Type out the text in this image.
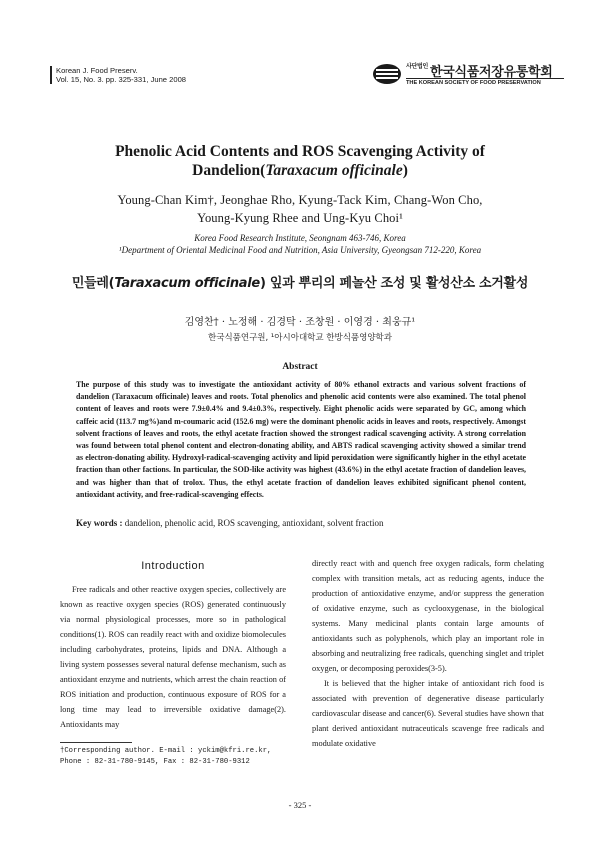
Korean J. Food Preserv.
Vol. 15, No. 3. pp. 325-331, June 2008
$^{사단법인}$ 한국식품저장유통학회
THE KOREAN SOCIETY OF FOOD PRESERVATION
Phenolic Acid Contents and ROS Scavenging Activity of
Dandelion(Taraxacum officinale)
Young-Chan Kim†, Jeonghae Rho, Kyung-Tack Kim, Chang-Won Cho,
Young-Kyung Rhee and Ung-Kyu Choi¹
Korea Food Research Institute, Seongnam 463-746, Korea
¹Department of Oriental Medicinal Food and Nutrition, Asia University, Gyeongsan 712-220, Korea
민들레(Taraxacum officinale) 잎과 뿌리의 페놀산 조성 및 활성산소 소거활성
김영찬† · 노정해 · 김경탁 · 조창원 · 이영경 · 최웅규¹
한국식품연구원, ¹아시아대학교 한방식품영양학과
Abstract
The purpose of this study was to investigate the antioxidant activity of 80% ethanol extracts and various solvent fractions of dandelion (Taraxacum officinale) leaves and roots. Total phenolics and phenolic acid contents were also examined. The total phenol content of leaves and roots were 7.9±0.4% and 9.4±0.3%, respectively. Eight phenolic acids were separated by GC, among which caffeic acid (113.7 mg%)and m-coumaric acid (152.6 mg) were the dominant phenolic acids in leaves and roots, respectively. Amongst solvent fractions of leaves and roots, the ethyl acetate fraction showed the strongest radical scavenging activity. A strong correlation was found between total phenol content and electron-donating ability, and ABTS radical scavenging activity showed a similar trend as electron-donating ability. Hydroxyl-radical-scavenging activity and lipid peroxidation were significantly higher in the ethyl acetate fraction than other factions. In particular, the SOD-like activity was highest (43.6%) in the ethyl acetate fraction of dandelion leaves, and was higher than that of trolox. Thus, the ethyl acetate fraction of dandelion leaves exhibited significant phenol content, antioxidant activity, and free-radical-scavenging effects.
Key words : dandelion, phenolic acid, ROS scavenging, antioxidant, solvent fraction
Introduction

Free radicals and other reactive oxygen species, collectively are known as reactive oxygen species (ROS) generated continuously via normal physiological processes, more so in pathological conditions(1). ROS can readily react with and oxidize biomolecules including carbohydrates, proteins, lipids and DNA. Although a living system possesses several natural defense mechanism, such as antioxidant enzyme and nutrients, which arrest the chain reaction of ROS initiation and production, continuous exposure of ROS for a long time may lead to irreversible oxidative damage(2). Antioxidants may

directly react with and quench free oxygen radicals, form chelating complex with transition metals, act as reducing agents, induce the production of antioxidative enzyme, and/or suppress the generation of oxidative enzyme, such as cyclooxygenase, in the biological systems. Many medicinal plants contain large amounts of antioxidants such as polyphenols, which play an important role in absorbing and neutralizing free radicals, quenching singlet and triplet oxygen, or decomposing peroxides(3-5).

It is believed that the higher intake of antioxidant rich food is associated with prevention of degenerative disease particularly cardiovascular disease and cancer(6). Several studies have shown that plant derived antioxidant nutraceuticals scavenge free radicals and modulate oxidative

†Corresponding author. E-mail : yckim@kfri.re.kr,
Phone : 82-31-780-9145, Fax : 82-31-780-9312
- 325 -
